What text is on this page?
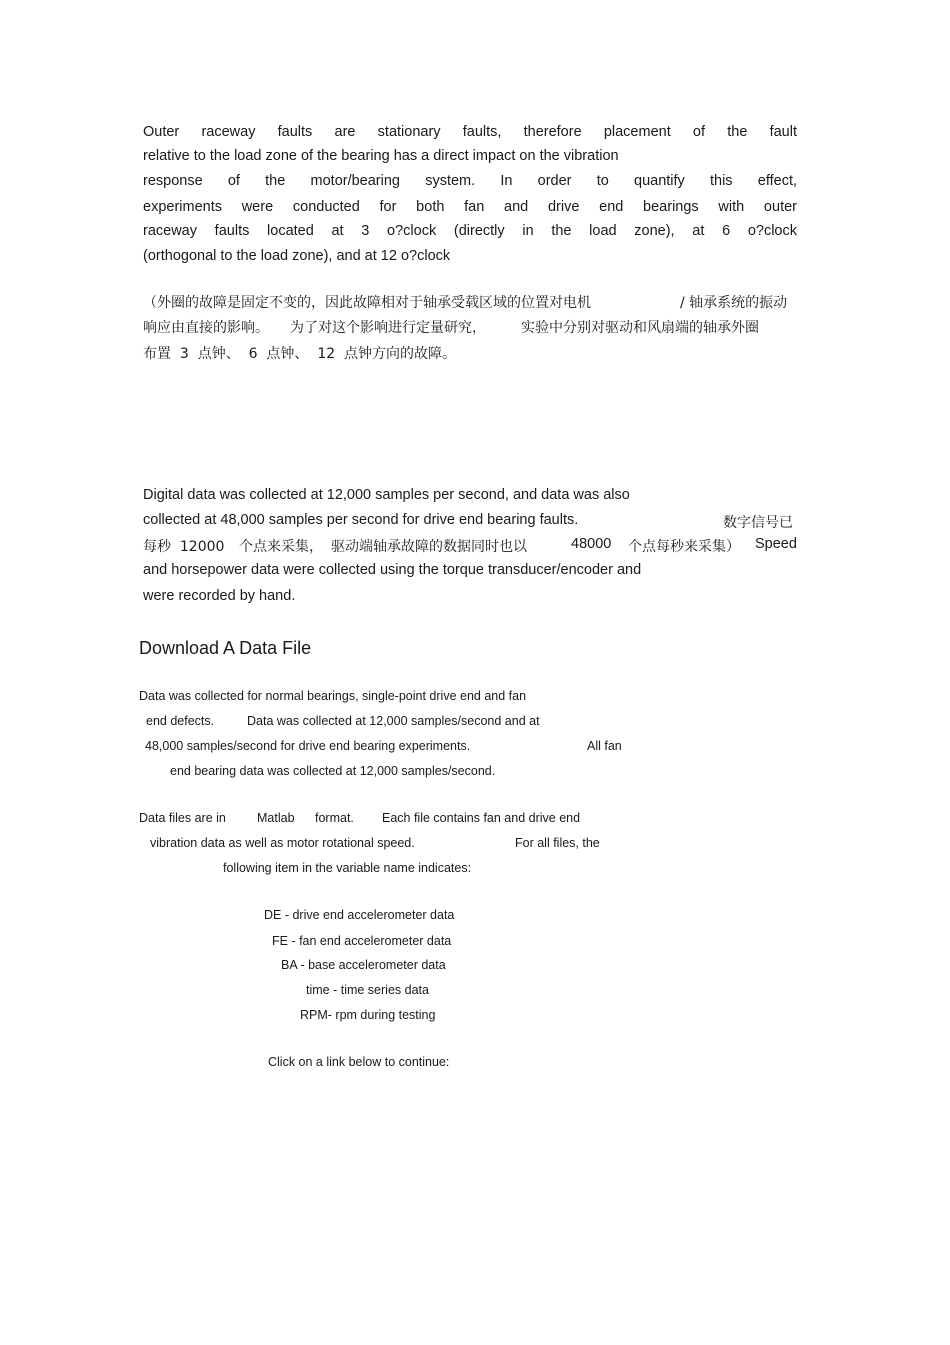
Outer raceway faults are stationary faults, therefore placement of the fault

relative to the load zone of the bearing has a direct impact on the vibration

response of the motor/bearing system. In order to quantify this effect,

experiments were conducted for both fan and drive end bearings with outer

raceway faults located at 3 o?clock (directly in the load zone), at 6 o?clock

(orthogonal to the load zone), and at 12 o?clock

（外圈的故障是固定不变的，因此故障相对于轴承受载区域的位置对电机	/ 轴承系统的振动

响应由直接的影响。 为了对这个影响进行定量研究，	实验中分别对驱动和风扇端的轴承外圈

布置  3  点钟、  6  点钟、  12  点钟方向的故障。

Digital data was collected at 12,000 samples per second, and data was also

collected at 48,000 samples per second for drive end bearing faults.	数字信号已

每秒  12000 个点来采集， 驱动端轴承故障的数据同时也以	48000 个点每秒来采集） Speed

and horsepower data were collected using the torque transducer/encoder and

were recorded by hand.

Download A Data File

Data was collected for normal bearings, single-point drive end and fan

end defects.	Data was collected at 12,000 samples/second and at

48,000 samples/second for drive end bearing experiments.	All fan

end bearing data was collected at 12,000 samples/second.

Data files are in Matlab format. Each file contains fan and drive end

vibration data as well as motor rotational speed.	For all files, the

following item in the variable name indicates:

DE - drive end accelerometer data

FE - fan end accelerometer data

BA - base accelerometer data

time - time series data

RPM- rpm during testing

Click on a link below to continue:
